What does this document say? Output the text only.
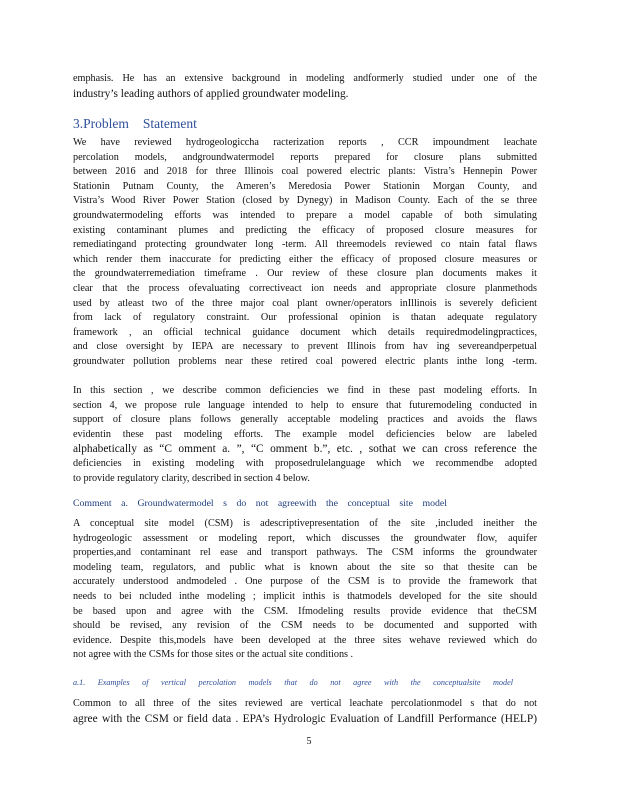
emphasis. He has an extensive background in modeling andformerly studied under one of the
industry’s leading authors of applied groundwater modeling.
3.Problem Statement
We have reviewed hydrogeologiccha racterization reports , CCR impoundment leachate
percolation models, andgroundwatermodel reports prepared for closure plans submitted
between 2016 and 2018 for three Illinois coal powered electric plants: Vistra’s Hennepin Power
Stationin Putnam County, the Ameren’s Meredosia Power Stationin Morgan County, and
Vistra’s Wood River Power Station (closed by Dynegy) in Madison County. Each of the se three
groundwatermodeling efforts was intended to prepare a model capable of both simulating
existing contaminant plumes and predicting the efficacy of proposed closure measures for
remediatingand protecting groundwater long -term. All threemodels reviewed co ntain fatal flaws
which render them inaccurate for predicting either the efficacy of proposed closure measures or
the groundwaterremediation timeframe . Our review of these closure plan documents makes it
clear that the process ofevaluating correctiveact ion needs and appropriate closure planmethods
used by atleast two of the three major coal plant owner/operators inIllinois is severely deficient
from lack of regulatory constraint. Our professional opinion is thatan adequate regulatory
framework , an official technical guidance document which details requiredmodelingpractices,
and close oversight by IEPA are necessary to prevent Illinois from hav ing severeandperpetual
groundwater pollution problems near these retired coal powered electric plants inthe long -term.
In this section , we describe common deficiencies we find in these past modeling efforts. In
section 4, we propose rule language intended to help to ensure that futuremodeling conducted in
support of closure plans follows generally acceptable modeling practices and avoids the flaws
evidentin these past modeling efforts. The example model deficiencies below are labeled
alphabetically as “C omment a. ”, “C omment b.”, etc. , sothat we can cross reference the
deficiencies in existing modeling with proposedrulelanguage which we recommendbe adopted
to provide regulatory clarity, described in section 4 below.
Comment a. Groundwatermodel s do not agreewith the conceptual site model
A conceptual site model (CSM) is adescriptivepresentation of the site ,included ineither the
hydrogeologic assessment or modeling report, which discusses the groundwater flow, aquifer
properties,and contaminant rel ease and transport pathways. The CSM informs the groundwater
modeling team, regulators, and public what is known about the site so that thesite can be
accurately understood andmodeled . One purpose of the CSM is to provide the framework that
needs to bei ncluded inthe modeling ; implicit inthis is thatmodels developed for the site should
be based upon and agree with the CSM. Ifmodeling results provide evidence that theCSM
should be revised, any revision of the CSM needs to be documented and supported with
evidence. Despite this,models have been developed at the three sites wehave reviewed which do
not agree with the CSMs for those sites or the actual site conditions .
a.1. Examples of vertical percolation models that do not agree with the conceptualsite model
Common to all three of the sites reviewed are vertical leachate percolationmodel s that do not
agree with the CSM or field data . EPA’s Hydrologic Evaluation of Landfill Performance (HELP)
5
